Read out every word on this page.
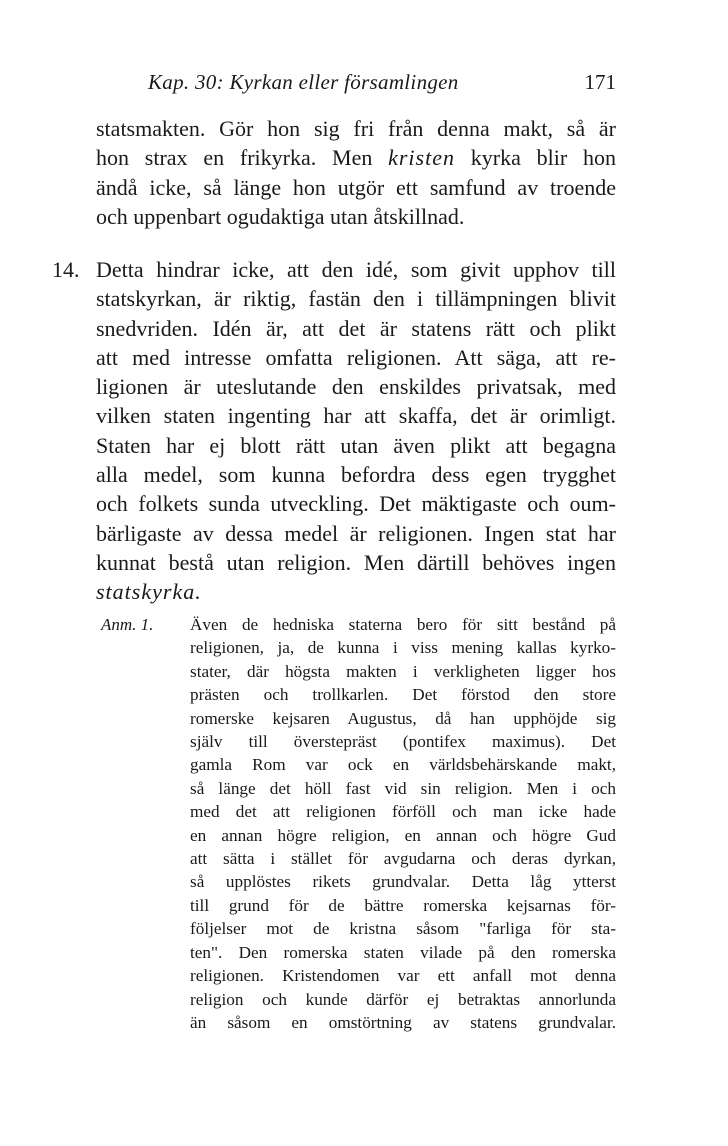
Kap. 30: Kyrkan eller församlingen	171
statsmakten. Gör hon sig fri från denna makt, så är
hon strax en frikyrka. Men kristen kyrka blir hon
ändå icke, så länge hon utgör ett samfund av troende
och uppenbart ogudaktiga utan åtskillnad.
14. Detta hindrar icke, att den idé, som givit upphov till
statskyrkan, är riktig, fastän den i tillämpningen blivit
snedvriden. Idén är, att det är statens rätt och plikt
att med intresse omfatta religionen. Att säga, att re-
ligionen är uteslutande den enskildes privatsak, med
vilken staten ingenting har att skaffa, det är orimligt.
Staten har ej blott rätt utan även plikt att begagna
alla medel, som kunna befordra dess egen trygghet
och folkets sunda utveckling. Det mäktigaste och oum-
bärligaste av dessa medel är religionen. Ingen stat har
kunnat bestå utan religion. Men därtill behöves ingen
statskyrka.
Anm. 1. Även de hedniska staterna bero för sitt bestånd på
religionen, ja, de kunna i viss mening kallas kyrko-
stater, där högsta makten i verkligheten ligger hos
prästen och trollkarlen. Det förstod den store
romerske kejsaren Augustus, då han upphöjde sig
själv till överstepräst (pontifex maximus). Det
gamla Rom var ock en världsbehärskande makt,
så länge det höll fast vid sin religion. Men i och
med det att religionen förföll och man icke hade
en annan högre religion, en annan och högre Gud
att sätta i stället för avgudarna och deras dyrkan,
så upplöstes rikets grundvalar. Detta låg ytterst
till grund för de bättre romerska kejsarnas för-
följelser mot de kristna såsom "farliga för sta-
ten". Den romerska staten vilade på den romerska
religionen. Kristendomen var ett anfall mot denna
religion och kunde därför ej betraktas annorlunda
än såsom en omstörtning av statens grundvalar.
